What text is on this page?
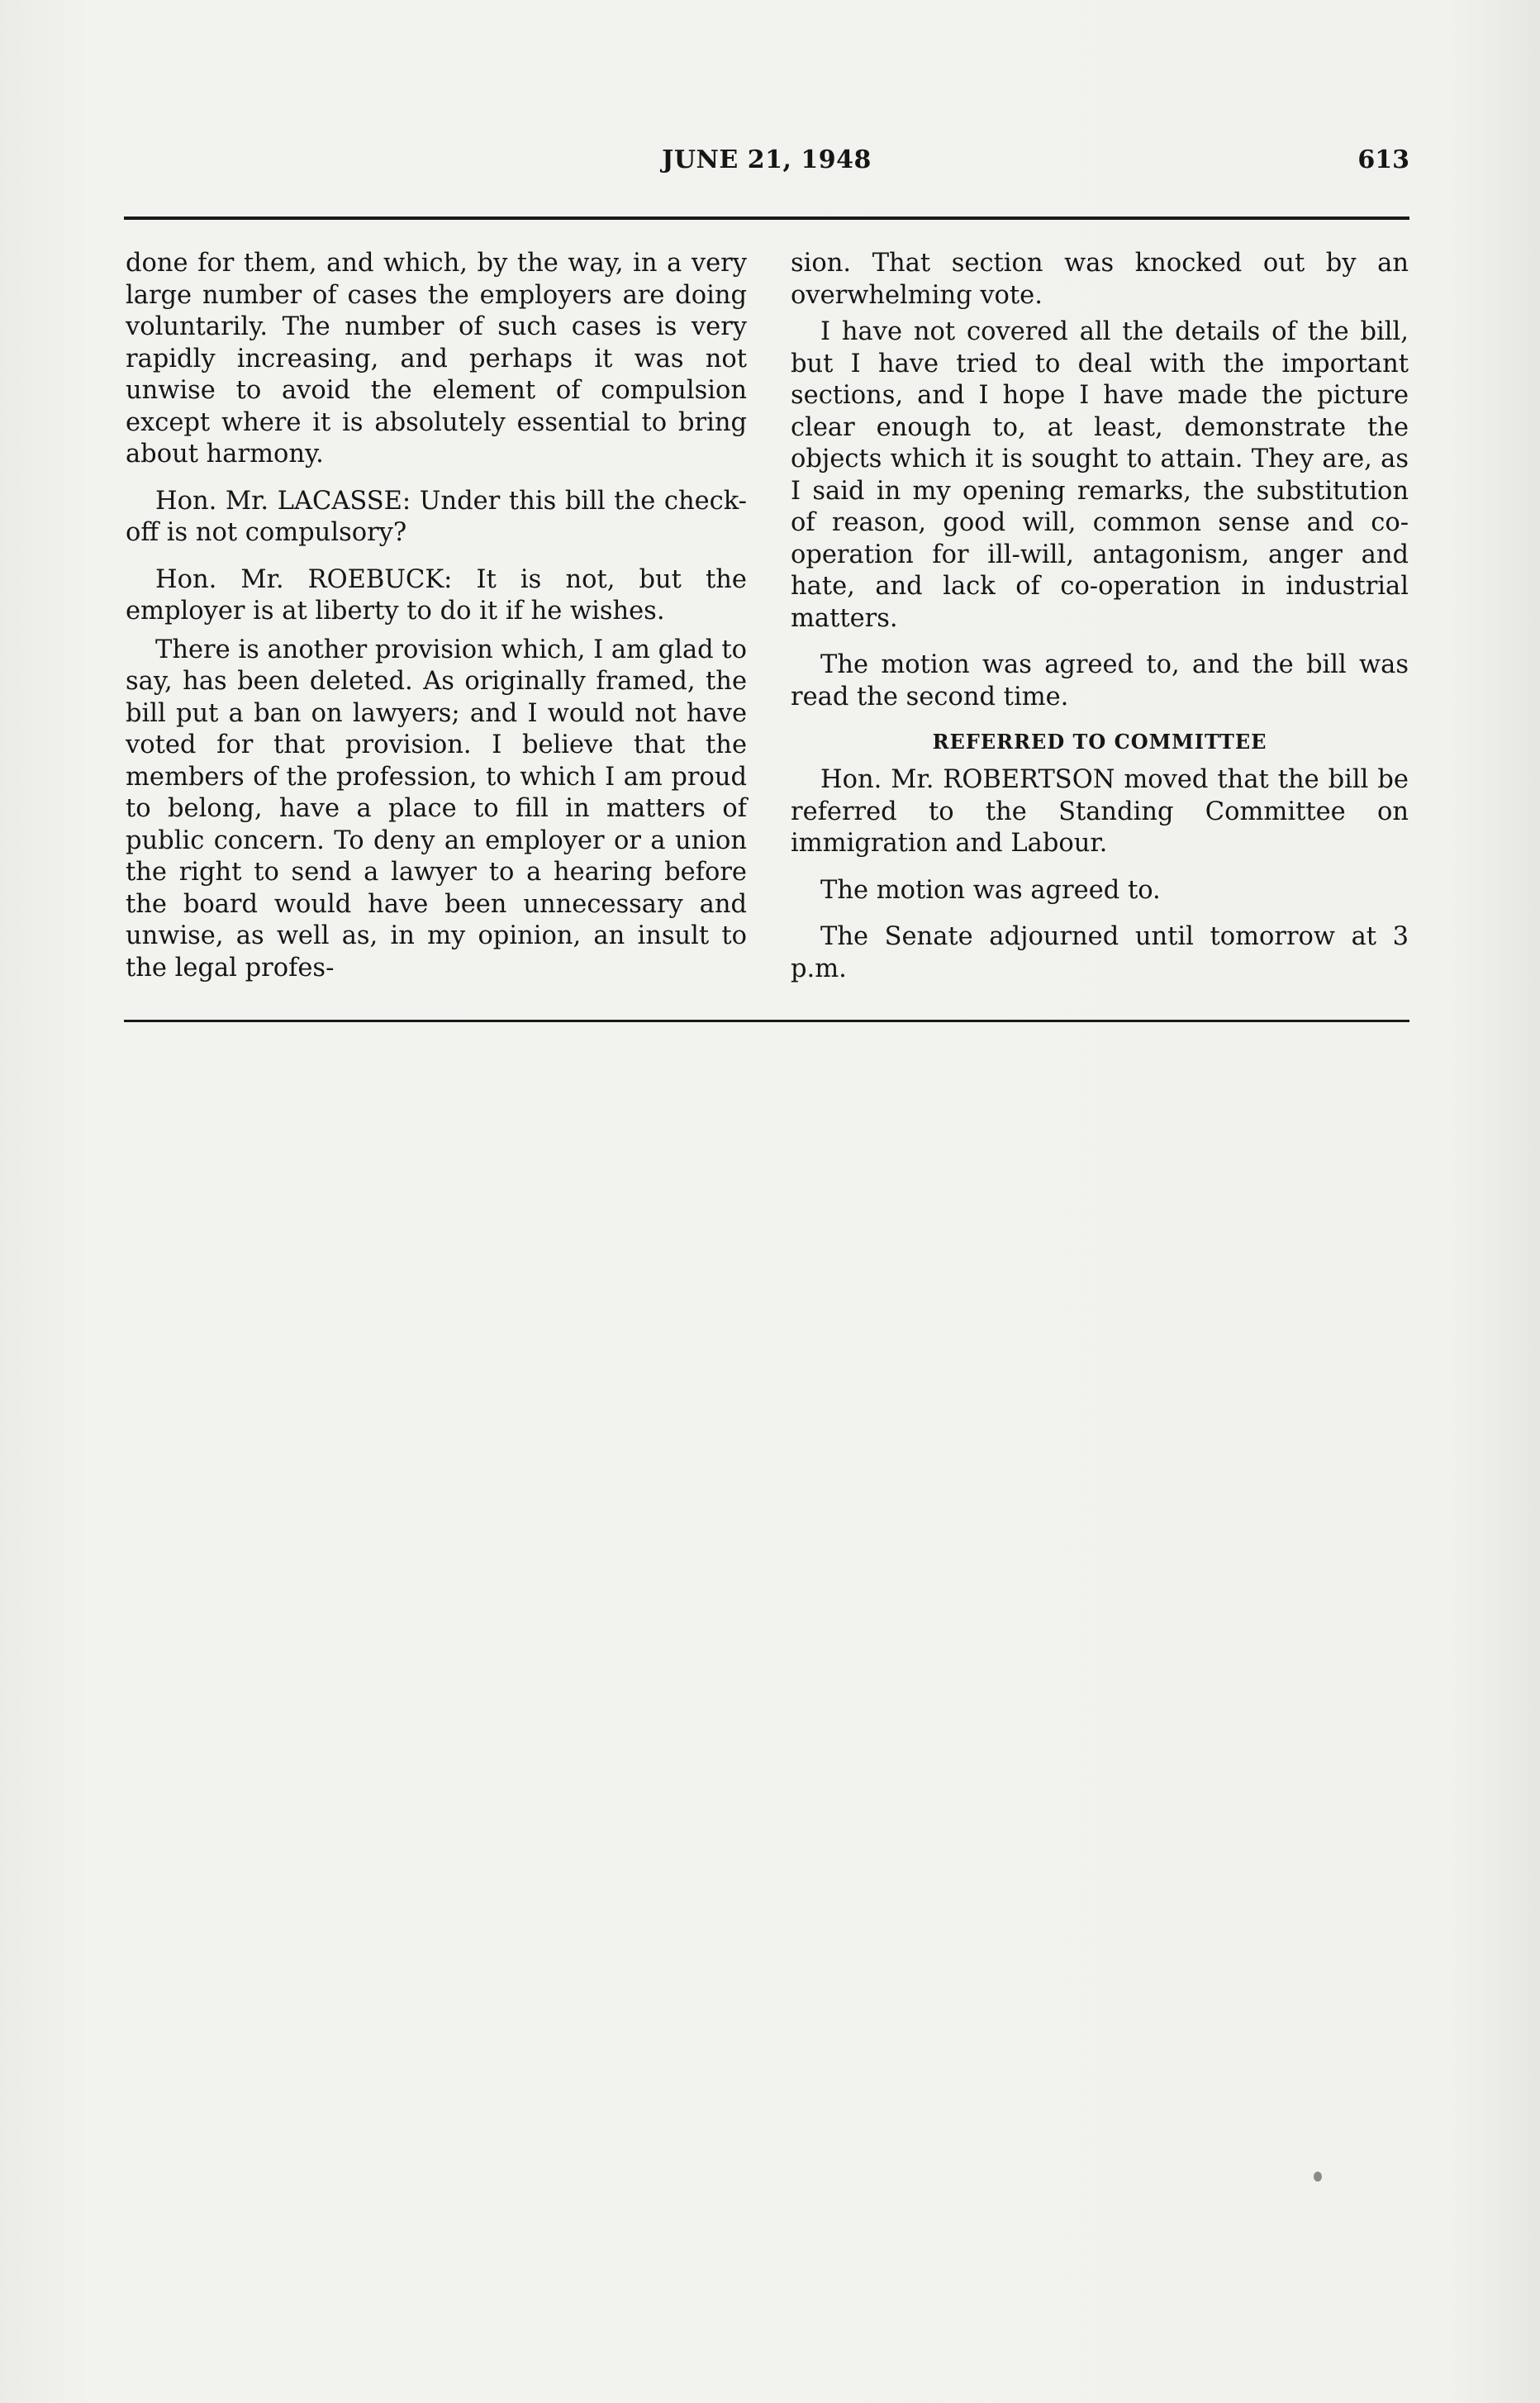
JUNE 21, 1948	613

done for them, and which, by the way, in a very large number of cases the employers are doing voluntarily. The number of such cases is very rapidly increasing, and perhaps it was not unwise to avoid the element of compulsion except where it is absolutely essential to bring about harmony.

Hon. Mr. LACASSE: Under this bill the check-off is not compulsory?

Hon. Mr. ROEBUCK: It is not, but the employer is at liberty to do it if he wishes.

There is another provision which, I am glad to say, has been deleted. As originally framed, the bill put a ban on lawyers; and I would not have voted for that provision. I believe that the members of the profession, to which I am proud to belong, have a place to fill in matters of public concern. To deny an employer or a union the right to send a lawyer to a hearing before the board would have been unnecessary and unwise, as well as, in my opinion, an insult to the legal profes-

sion. That section was knocked out by an overwhelming vote.

I have not covered all the details of the bill, but I have tried to deal with the important sections, and I hope I have made the picture clear enough to, at least, demonstrate the objects which it is sought to attain. They are, as I said in my opening remarks, the substitution of reason, good will, common sense and co-operation for ill-will, antagonism, anger and hate, and lack of co-operation in industrial matters.

The motion was agreed to, and the bill was read the second time.

REFERRED TO COMMITTEE

Hon. Mr. ROBERTSON moved that the bill be referred to the Standing Committee on immigration and Labour.

The motion was agreed to.

The Senate adjourned until tomorrow at 3 p.m.
